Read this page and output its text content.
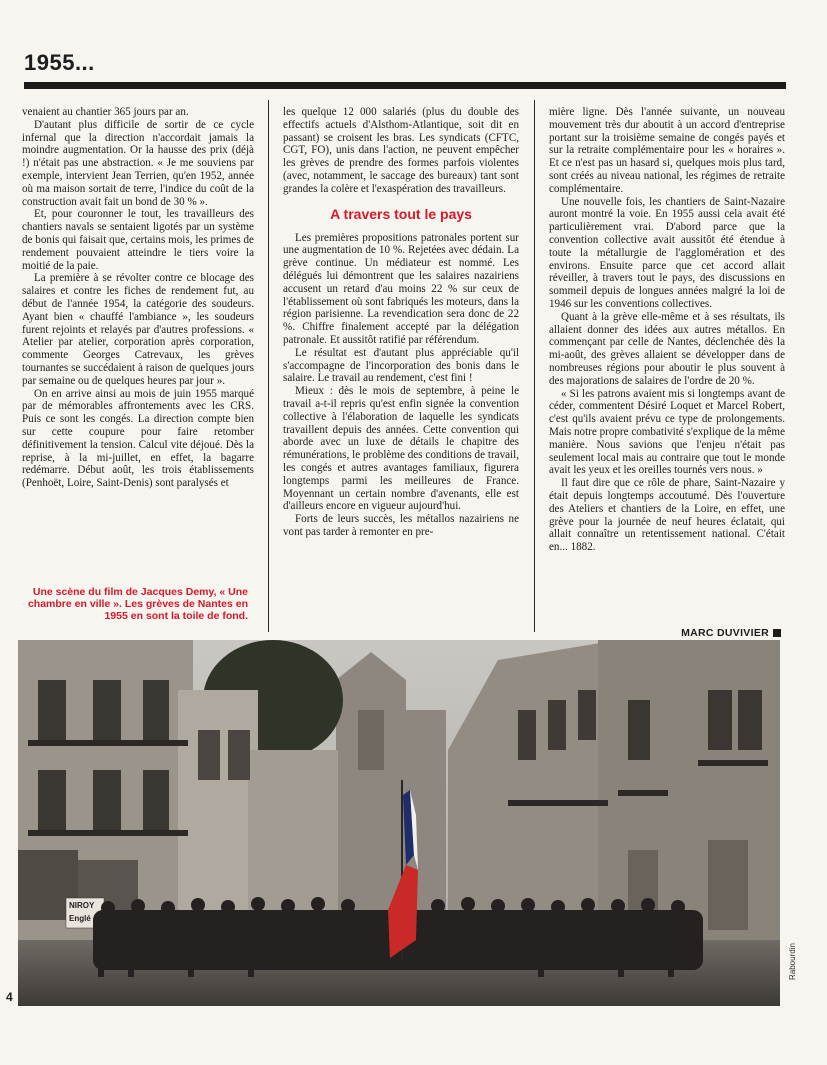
1955...

venaient au chantier 365 jours par an.

D'autant plus difficile de sortir de ce cycle infernal que la direction n'accordait jamais la moindre augmentation. Or la hausse des prix (déjà !) n'était pas une abstraction. « Je me souviens par exemple, intervient Jean Terrien, qu'en 1952, année où ma maison sortait de terre, l'indice du coût de la construction avait fait un bond de 30 % ».

Et, pour couronner le tout, les travailleurs des chantiers navals se sentaient ligotés par un système de bonis qui faisait que, certains mois, les primes de rendement pouvaient atteindre le tiers voire la moitié de la paie.

La première à se révolter contre ce blocage des salaires et contre les fiches de rendement fut, au début de l'année 1954, la catégorie des soudeurs. Ayant bien « chauffé l'ambiance », les soudeurs furent rejoints et relayés par d'autres professions. « Atelier par atelier, corporation après corporation, commente Georges Catrevaux, les grèves tournantes se succédaient à raison de quelques jours par semaine ou de quelques heures par jour ».

On en arrive ainsi au mois de juin 1955 marqué par de mémorables affrontements avec les CRS. Puis ce sont les congés. La direction compte bien sur cette coupure pour faire retomber définitivement la tension. Calcul vite déjoué. Dès la reprise, à la mi-juillet, en effet, la bagarre redémarre. Début août, les trois établissements (Penhoët, Loire, Saint-Denis) sont paralysés et

Une scène du film de Jacques Demy, « Une chambre en ville ». Les grèves de Nantes en 1955 en sont la toile de fond.

les quelque 12 000 salariés (plus du double des effectifs actuels d'Alsthom-Atlantique, soit dit en passant) se croisent les bras. Les syndicats (CFTC, CGT, FO), unis dans l'action, ne peuvent empêcher les grèves de prendre des formes parfois violentes (avec, notamment, le saccage des bureaux) tant sont grandes la colère et l'exaspération des travailleurs.

A travers tout le pays

Les premières propositions patronales portent sur une augmentation de 10 %. Rejetées avec dédain. La grève continue. Un médiateur est nommé. Les délégués lui démontrent que les salaires nazairiens accusent un retard d'au moins 22 % sur ceux de l'établissement où sont fabriqués les moteurs, dans la région parisienne. La revendication sera donc de 22 %. Chiffre finalement accepté par la délégation patronale. Et aussitôt ratifié par référendum.

Le résultat est d'autant plus appréciable qu'il s'accompagne de l'incorporation des bonis dans le salaire. Le travail au rendement, c'est fini !

Mieux : dès le mois de septembre, à peine le travail a-t-il repris qu'est enfin signée la convention collective à l'élaboration de laquelle les syndicats travaillent depuis des années. Cette convention qui aborde avec un luxe de détails le chapitre des rémunérations, le problème des conditions de travail, les congés et autres avantages familiaux, figurera longtemps parmi les meilleures de France. Moyennant un certain nombre d'avenants, elle est d'ailleurs encore en vigueur aujourd'hui.

Forts de leurs succès, les métallos nazairiens ne vont pas tarder à remonter en pre-

mière ligne. Dès l'année suivante, un nouveau mouvement très dur aboutit à un accord d'entreprise portant sur la troisième semaine de congés payés et sur la retraite complémentaire pour les « horaires ». Et ce n'est pas un hasard si, quelques mois plus tard, sont créés au niveau national, les régimes de retraite complémentaire.

Une nouvelle fois, les chantiers de Saint-Nazaire auront montré la voie. En 1955 aussi cela avait été particulièrement vrai. D'abord parce que la convention collective avait aussitôt été étendue à toute la métallurgie de l'agglomération et des environs. Ensuite parce que cet accord allait réveiller, à travers tout le pays, des discussions en sommeil depuis de longues années malgré la loi de 1946 sur les conventions collectives.

Quant à la grève elle-même et à ses résultats, ils allaient donner des idées aux autres métallos. En commençant par celle de Nantes, déclenchée dès la mi-août, des grèves allaient se développer dans de nombreuses régions pour aboutir le plus souvent à des majorations de salaires de l'ordre de 20 %.

« Si les patrons avaient mis si longtemps avant de céder, commentent Désiré Loquet et Marcel Robert, c'est qu'ils avaient prévu ce type de prolongements. Mais notre propre combativité s'explique de la même manière. Nous savions que l'enjeu n'était pas seulement local mais au contraire que tout le monde avait les yeux et les oreilles tournés vers nous. »

Il faut dire que ce rôle de phare, Saint-Nazaire y était depuis longtemps accoutumé. Dès l'ouverture des Ateliers et chantiers de la Loire, en effet, une grève pour la journée de neuf heures éclatait, qui allait connaître un retentissement national. C'était en... 1882.

MARC DUVIVIER
NIROY
Englé
4
Rabourdin
